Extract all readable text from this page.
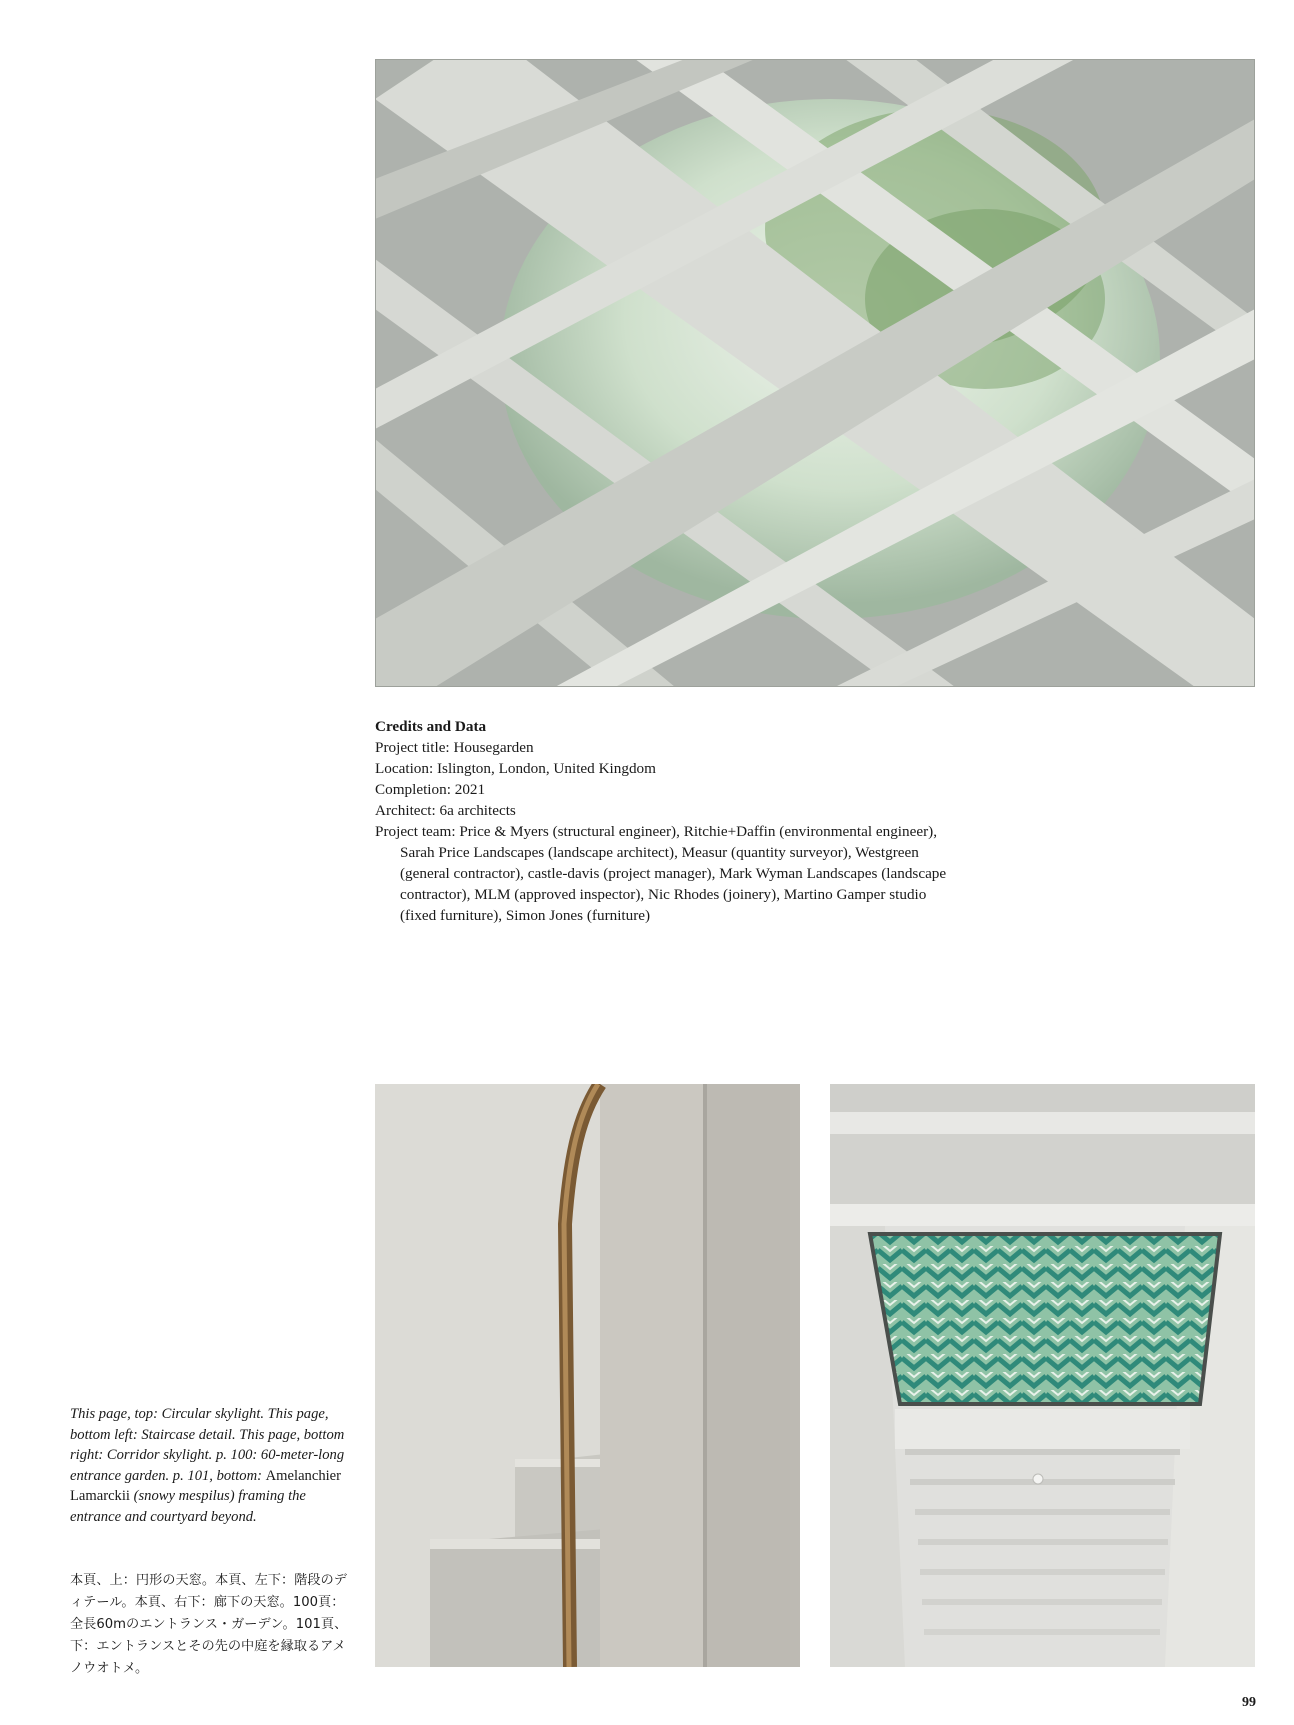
Credits and Data
Project title: Housegarden
Location: Islington, London, United Kingdom
Completion: 2021
Architect: 6a architects
Project team: Price & Myers (structural engineer), Ritchie+Daffin (environmental engineer), Sarah Price Landscapes (landscape architect), Measur (quantity surveyor), Westgreen (general contractor), castle-davis (project manager), Mark Wyman Landscapes (landscape contractor), MLM (approved inspector), Nic Rhodes (joinery), Martino Gamper studio (fixed furniture), Simon Jones (furniture)
This page, top: Circular skylight. This page, bottom left: Staircase detail. This page, bottom right: Corridor skylight. p. 100: 60-meter-long entrance garden. p. 101, bottom: Amelanchier Lamarckii (snowy mespilus) framing the entrance and courtyard beyond.
本頁、上：円形の天窓。本頁、左下：階段のディテール。本頁、右下：廊下の天窓。100頁：全長60mのエントランス・ガーデン。101頁、下：エントランスとその先の中庭を縁取るアメノウオトメ。
99
